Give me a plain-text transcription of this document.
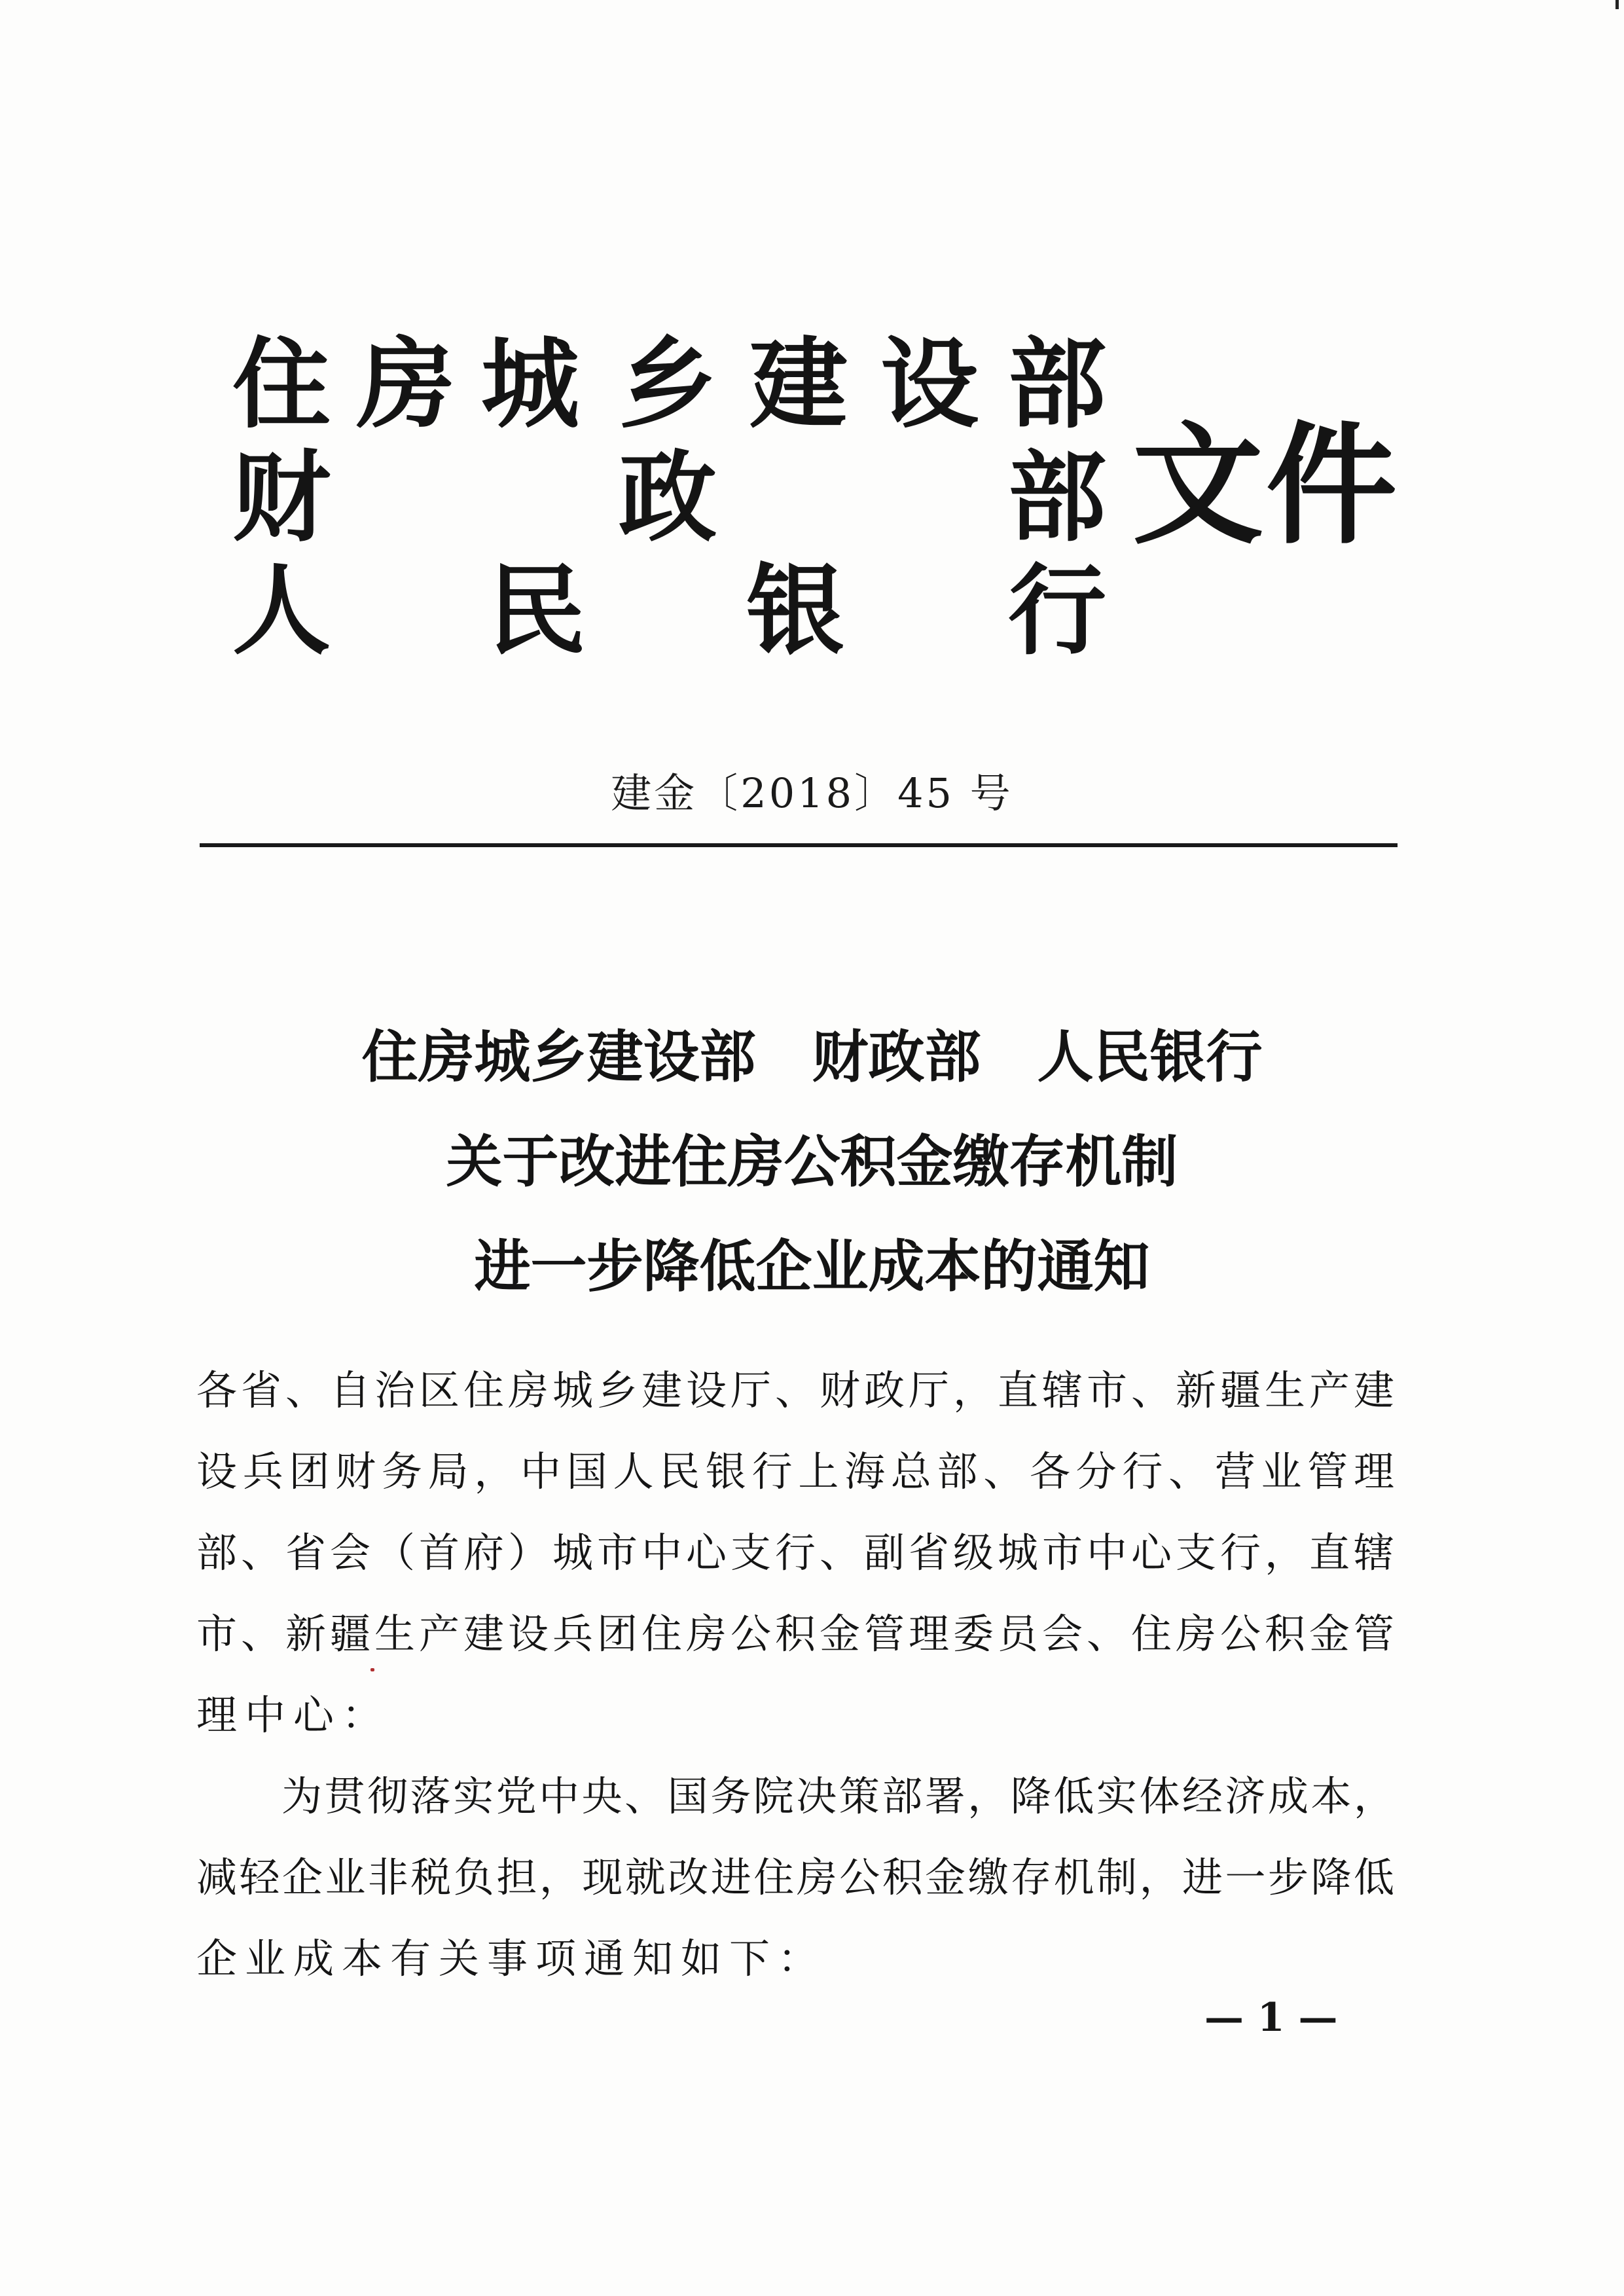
住 房 城 乡 建 设 部
财	政	部
人 民 银 行
文件
建金〔2018〕45 号
住房城乡建设部　财政部　人民银行
关于改进住房公积金缴存机制
进一步降低企业成本的通知
各省、自治区住房城乡建设厅、财政厅，直辖市、新疆生产建
设兵团财务局，中国人民银行上海总部、各分行、营业管理
部、省会（首府）城市中心支行、副省级城市中心支行，直辖
市、新疆生产建设兵团住房公积金管理委员会、住房公积金管
理中心：
为贯彻落实党中央、国务院决策部署，降低实体经济成本，
减轻企业非税负担，现就改进住房公积金缴存机制，进一步降低
企业成本有关事项通知如下：
— 1 —
